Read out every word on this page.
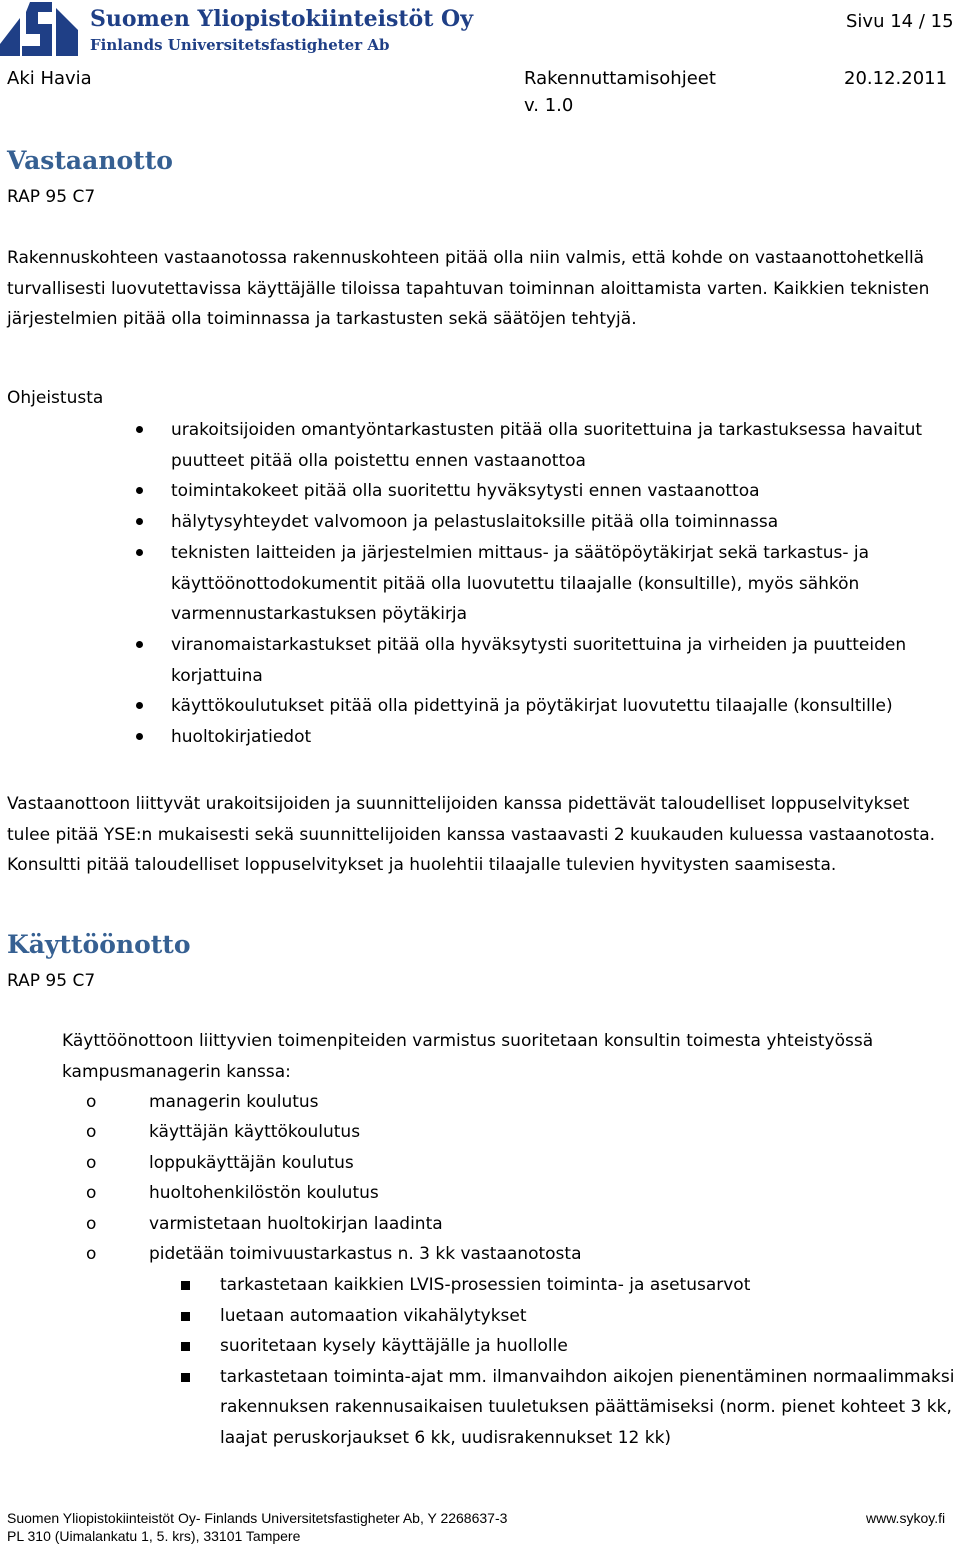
Suomen Yliopistokiinteistöt Oy
Finlands Universitetsfastigheter Ab
Sivu 14 / 15
Aki Havia	Rakennuttamisohjeet
v. 1.0
20.12.2011
Vastaanotto
RAP 95 C7
Rakennuskohteen vastaanotossa rakennuskohteen pitää olla niin valmis, että kohde on vastaanottohetkellä turvallisesti luovutettavissa käyttäjälle tiloissa tapahtuvan toiminnan aloittamista varten. Kaikkien teknisten järjestelmien pitää olla toiminnassa ja tarkastusten sekä säätöjen tehtyjä.
Ohjeistusta
urakoitsijoiden omantyöntarkastusten pitää olla suoritettuina ja tarkastuksessa havaitut puutteet pitää olla poistettu ennen vastaanottoa
toimintakokeet pitää olla suoritettu hyväksytysti ennen vastaanottoa
hälytysyhteydet valvomoon ja pelastuslaitoksille pitää olla toiminnassa
teknisten laitteiden ja järjestelmien mittaus- ja säätöpöytäkirjat sekä tarkastus- ja käyttöönottodokumentit pitää olla luovutettu tilaajalle (konsultille), myös sähkön varmennustarkastuksen pöytäkirja
viranomaistarkastukset pitää olla hyväksytysti suoritettuina ja virheiden ja puutteiden korjattuina
käyttökoulutukset pitää olla pidettyinä ja pöytäkirjat luovutettu tilaajalle (konsultille)
huoltokirjatiedot
Vastaanottoon liittyvät urakoitsijoiden ja suunnittelijoiden kanssa pidettävät taloudelliset loppuselvitykset tulee pitää YSE:n mukaisesti sekä suunnittelijoiden kanssa vastaavasti 2 kuukauden kuluessa vastaanotosta. Konsultti pitää taloudelliset loppuselvitykset ja huolehtii tilaajalle tulevien hyvitysten saamisesta.
Käyttöönotto
RAP 95 C7
Käyttöönottoon liittyvien toimenpiteiden varmistus suoritetaan konsultin toimesta yhteistyössä kampusmanagerin kanssa:
o	managerin koulutus
o	käyttäjän käyttökoulutus
o	loppukäyttäjän koulutus
o	huoltohenkilöstön koulutus
o	varmistetaan huoltokirjan laadinta
o	pidetään toimivuustarkastus n. 3 kk vastaanotosta
tarkastetaan kaikkien LVIS-prosessien toiminta- ja asetusarvot
luetaan automaation vikahälytykset
suoritetaan kysely käyttäjälle ja huollolle
tarkastetaan toiminta-ajat mm. ilmanvaihdon aikojen pienentäminen normaalimmaksi rakennuksen rakennusaikaisen tuuletuksen päättämiseksi (norm. pienet kohteet 3 kk, laajat peruskorjaukset 6 kk, uudisrakennukset 12 kk)
Suomen Yliopistokiinteistöt Oy- Finlands Universitetsfastigheter Ab, Y 2268637-3
PL 310 (Uimalankatu 1, 5. krs), 33101 Tampere
www.sykoy.fi
